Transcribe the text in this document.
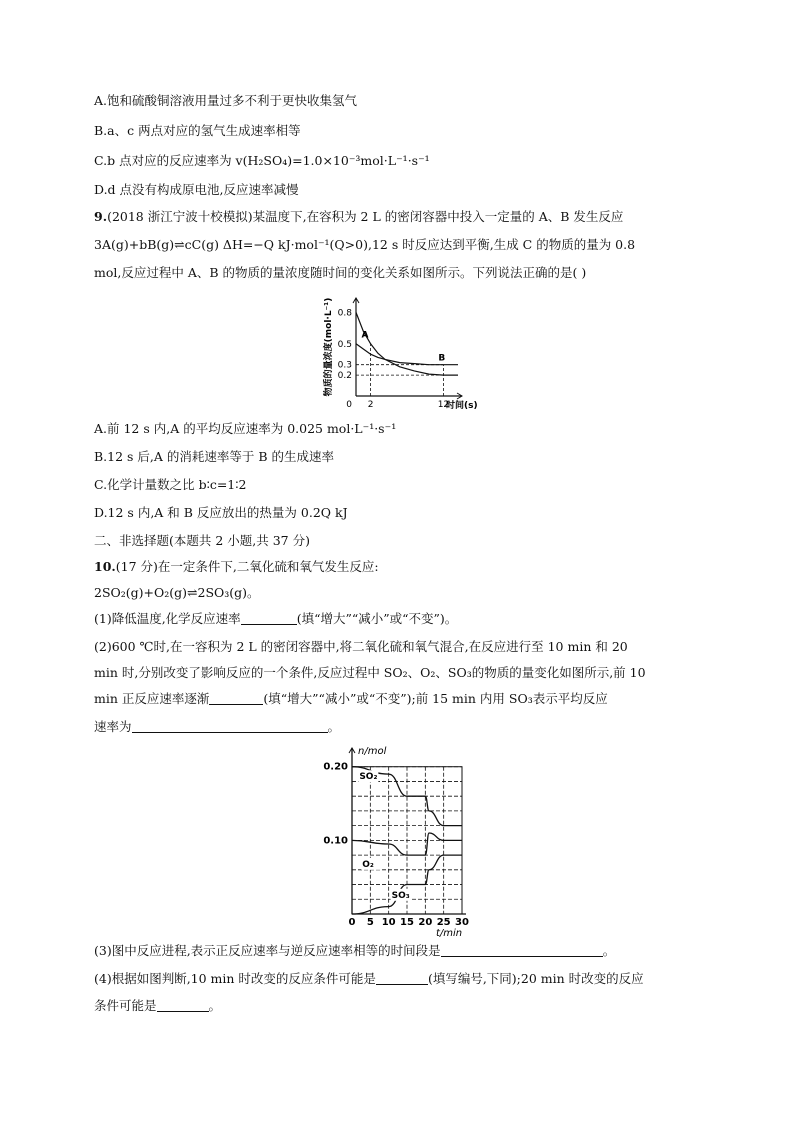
A.饱和硫酸铜溶液用量过多不利于更快收集氢气
B.a、c 两点对应的氢气生成速率相等
C.b 点对应的反应速率为 v(H₂SO₄)=1.0×10⁻³mol·L⁻¹·s⁻¹
D.d 点没有构成原电池,反应速率减慢
9.(2018 浙江宁波十校模拟)某温度下,在容积为 2 L 的密闭容器中投入一定量的 A、B 发生反应
3A(g)+bB(g)⇌cC(g) ΔH=−Q kJ·mol⁻¹(Q>0),12 s 时反应达到平衡,生成 C 的物质的量为 0.8
mol,反应过程中 A、B 的物质的量浓度随时间的变化关系如图所示。下列说法正确的是( )
物质的量浓度(mol·L⁻¹)
时间(s)
0
0.8
0.5
0.3
0.2
2	12
A
B
A.前 12 s 内,A 的平均反应速率为 0.025 mol·L⁻¹·s⁻¹
B.12 s 后,A 的消耗速率等于 B 的生成速率
C.化学计量数之比 b∶c=1∶2
D.12 s 内,A 和 B 反应放出的热量为 0.2Q kJ
二、非选择题(本题共 2 小题,共 37 分)
10.(17 分)在一定条件下,二氧化硫和氧气发生反应:
2SO₂(g)+O₂(g)⇌2SO₃(g)。
(1)降低温度,化学反应速率	(填“增大”“减小”或“不变”)。
(2)600 ℃时,在一容积为 2 L 的密闭容器中,将二氧化硫和氧气混合,在反应进行至 10 min 和 20
min 时,分别改变了影响反应的一个条件,反应过程中 SO₂、O₂、SO₃的物质的量变化如图所示,前 10
min 正反应速率逐渐	(填“增大”“减小”或“不变”);前 15 min 内用 SO₃表示平均反应
速率为	。
n/mol
t/min
0.20
0.10
0 5 10 15 20 25 30
SO₂
O₂
SO₃
(3)图中反应进程,表示正反应速率与逆反应速率相等的时间段是	。
(4)根据如图判断,10 min 时改变的反应条件可能是	(填写编号,下同);20 min 时改变的反应
条件可能是	。
